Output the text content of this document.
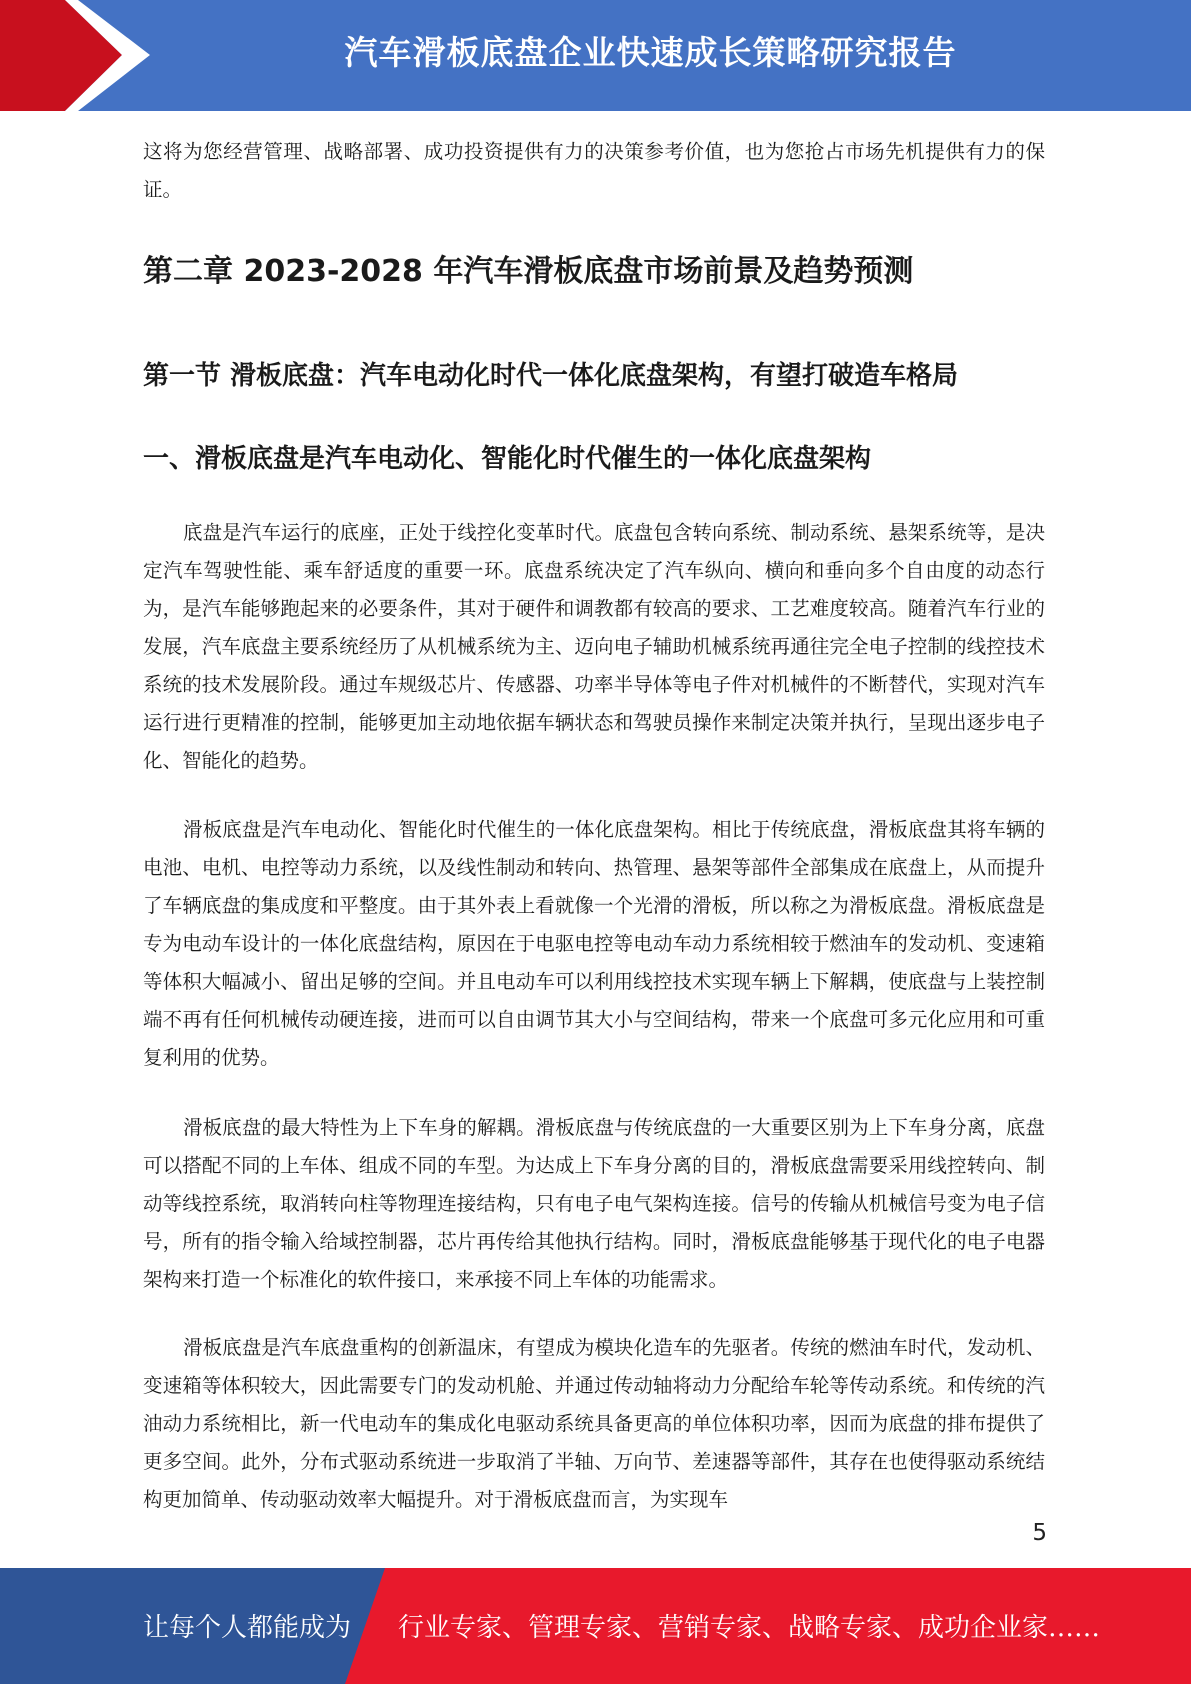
汽车滑板底盘企业快速成长策略研究报告

这将为您经营管理、战略部署、成功投资提供有力的决策参考价值，也为您抢占市场先机提供有力的保证。

第二章 2023-2028 年汽车滑板底盘市场前景及趋势预测
第一节 滑板底盘：汽车电动化时代一体化底盘架构，有望打破造车格局
一、滑板底盘是汽车电动化、智能化时代催生的一体化底盘架构

底盘是汽车运行的底座，正处于线控化变革时代。底盘包含转向系统、制动系统、悬架系统等，是决定汽车驾驶性能、乘车舒适度的重要一环。底盘系统决定了汽车纵向、横向和垂向多个自由度的动态行为，是汽车能够跑起来的必要条件，其对于硬件和调教都有较高的要求、工艺难度较高。随着汽车行业的发展，汽车底盘主要系统经历了从机械系统为主、迈向电子辅助机械系统再通往完全电子控制的线控技术系统的技术发展阶段。通过车规级芯片、传感器、功率半导体等电子件对机械件的不断替代，实现对汽车运行进行更精准的控制，能够更加主动地依据车辆状态和驾驶员操作来制定决策并执行，呈现出逐步电子化、智能化的趋势。

滑板底盘是汽车电动化、智能化时代催生的一体化底盘架构。相比于传统底盘，滑板底盘其将车辆的电池、电机、电控等动力系统，以及线性制动和转向、热管理、悬架等部件全部集成在底盘上，从而提升了车辆底盘的集成度和平整度。由于其外表上看就像一个光滑的滑板，所以称之为滑板底盘。滑板底盘是专为电动车设计的一体化底盘结构，原因在于电驱电控等电动车动力系统相较于燃油车的发动机、变速箱等体积大幅减小、留出足够的空间。并且电动车可以利用线控技术实现车辆上下解耦，使底盘与上装控制端不再有任何机械传动硬连接，进而可以自由调节其大小与空间结构，带来一个底盘可多元化应用和可重复利用的优势。

滑板底盘的最大特性为上下车身的解耦。滑板底盘与传统底盘的一大重要区别为上下车身分离，底盘可以搭配不同的上车体、组成不同的车型。为达成上下车身分离的目的，滑板底盘需要采用线控转向、制动等线控系统，取消转向柱等物理连接结构，只有电子电气架构连接。信号的传输从机械信号变为电子信号，所有的指令输入给域控制器，芯片再传给其他执行结构。同时，滑板底盘能够基于现代化的电子电器架构来打造一个标准化的软件接口，来承接不同上车体的功能需求。

滑板底盘是汽车底盘重构的创新温床，有望成为模块化造车的先驱者。传统的燃油车时代，发动机、变速箱等体积较大，因此需要专门的发动机舱、并通过传动轴将动力分配给车轮等传动系统。和传统的汽油动力系统相比，新一代电动车的集成化电驱动系统具备更高的单位体积功率，因而为底盘的排布提供了更多空间。此外，分布式驱动系统进一步取消了半轴、万向节、差速器等部件，其存在也使得驱动系统结构更加简单、传动驱动效率大幅提升。对于滑板底盘而言，为实现车

5
让每个人都能成为 行业专家、管理专家、营销专家、战略专家、成功企业家……
